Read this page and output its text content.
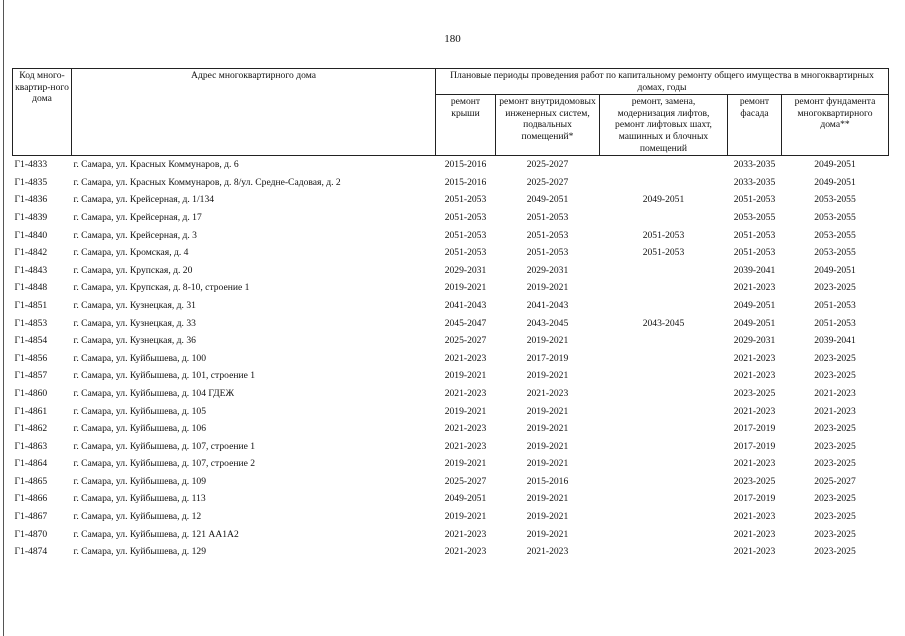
180
Код много-квартир-ного дома	Адрес многоквартирного дома	Плановые периоды проведения работ по капитальному ремонту общего имущества в многоквартирных домах, годы				
		ремонт крыши	ремонт внутридомовых инженерных систем, подвальных помещений*	ремонт, замена, модернизация лифтов, ремонт лифтовых шахт, машинных и блочных помещений	ремонт фасада	ремонт фундамента многоквартирного дома**
Г1-4833	г. Самара, ул. Красных Коммунаров, д. 6	2015-2016	2025-2027		2033-2035	2049-2051
Г1-4835	г. Самара, ул. Красных Коммунаров, д. 8/ул. Средне-Садовая, д. 2	2015-2016	2025-2027		2033-2035	2049-2051
Г1-4836	г. Самара, ул. Крейсерная, д. 1/134	2051-2053	2049-2051	2049-2051	2051-2053	2053-2055
Г1-4839	г. Самара, ул. Крейсерная, д. 17	2051-2053	2051-2053		2053-2055	2053-2055
Г1-4840	г. Самара, ул. Крейсерная, д. 3	2051-2053	2051-2053	2051-2053	2051-2053	2053-2055
Г1-4842	г. Самара, ул. Кромская, д. 4	2051-2053	2051-2053	2051-2053	2051-2053	2053-2055
Г1-4843	г. Самара, ул. Крупская, д. 20	2029-2031	2029-2031		2039-2041	2049-2051
Г1-4848	г. Самара, ул. Крупская, д. 8-10, строение 1	2019-2021	2019-2021		2021-2023	2023-2025
Г1-4851	г. Самара, ул. Кузнецкая, д. 31	2041-2043	2041-2043		2049-2051	2051-2053
Г1-4853	г. Самара, ул. Кузнецкая, д. 33	2045-2047	2043-2045	2043-2045	2049-2051	2051-2053
Г1-4854	г. Самара, ул. Кузнецкая, д. 36	2025-2027	2019-2021		2029-2031	2039-2041
Г1-4856	г. Самара, ул. Куйбышева, д. 100	2021-2023	2017-2019		2021-2023	2023-2025
Г1-4857	г. Самара, ул. Куйбышева, д. 101, строение 1	2019-2021	2019-2021		2021-2023	2023-2025
Г1-4860	г. Самара, ул. Куйбышева, д. 104 ГДЕЖ	2021-2023	2021-2023		2023-2025	2021-2023
Г1-4861	г. Самара, ул. Куйбышева, д. 105	2019-2021	2019-2021		2021-2023	2021-2023
Г1-4862	г. Самара, ул. Куйбышева, д. 106	2021-2023	2019-2021		2017-2019	2023-2025
Г1-4863	г. Самара, ул. Куйбышева, д. 107, строение 1	2021-2023	2019-2021		2017-2019	2023-2025
Г1-4864	г. Самара, ул. Куйбышева, д. 107, строение 2	2019-2021	2019-2021		2021-2023	2023-2025
Г1-4865	г. Самара, ул. Куйбышева, д. 109	2025-2027	2015-2016		2023-2025	2025-2027
Г1-4866	г. Самара, ул. Куйбышева, д. 113	2049-2051	2019-2021		2017-2019	2023-2025
Г1-4867	г. Самара, ул. Куйбышева, д. 12	2019-2021	2019-2021		2021-2023	2023-2025
Г1-4870	г. Самара, ул. Куйбышева, д. 121 АА1А2	2021-2023	2019-2021		2021-2023	2023-2025
Г1-4874	г. Самара, ул. Куйбышева, д. 129	2021-2023	2021-2023		2021-2023	2023-2025
